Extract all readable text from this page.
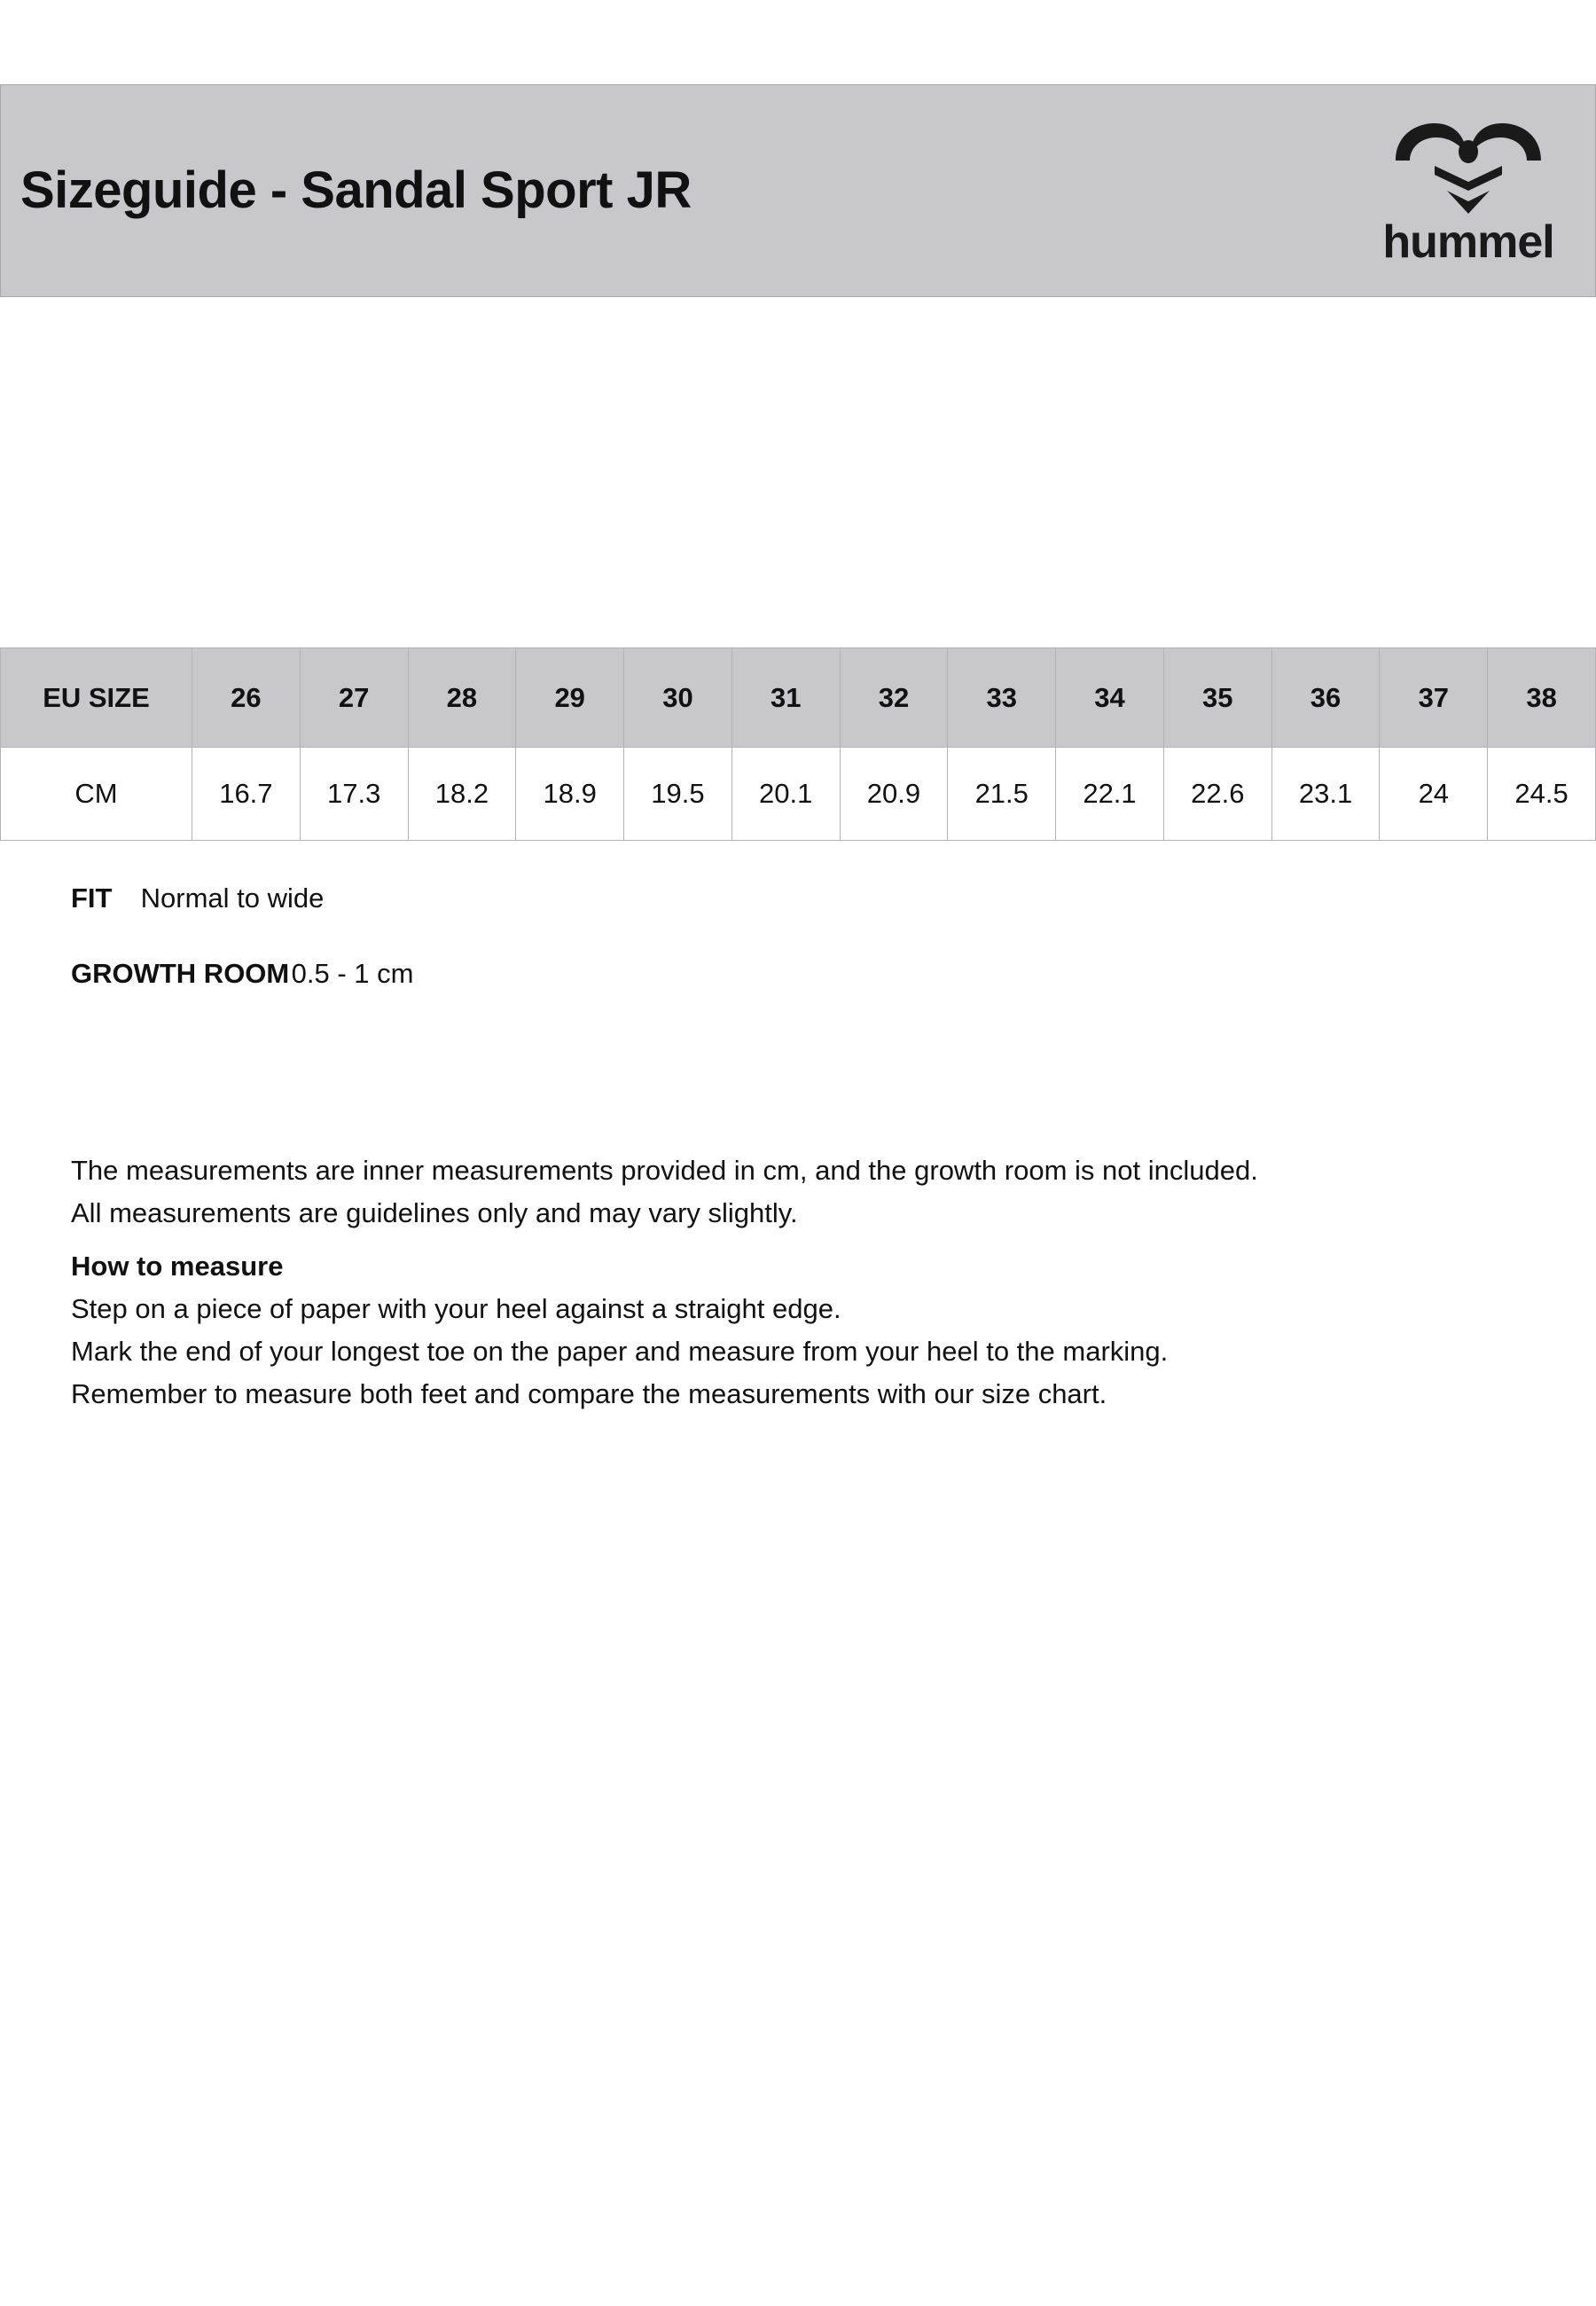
Sizeguide - Sandal Sport JR
hummel
EU SIZE	26	27	28	29	30	31	32	33	34	35	36	37	38
CM	16.7	17.3	18.2	18.9	19.5	20.1	20.9	21.5	22.1	22.6	23.1	24	24.5
FIT Normal to wide
GROWTH ROOM 0.5 - 1 cm

The measurements are inner measurements provided in cm, and the growth room is not included.

All measurements are guidelines only and may vary slightly.

How to measure

Step on a piece of paper with your heel against a straight edge.

Mark the end of your longest toe on the paper and measure from your heel to the marking.

Remember to measure both feet and compare the measurements with our size chart.
